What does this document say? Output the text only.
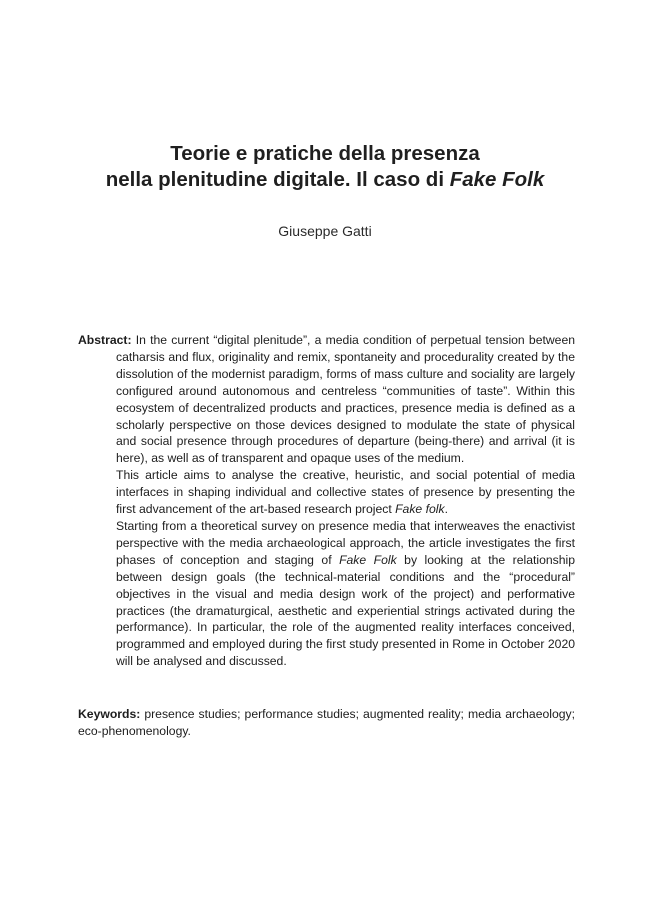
Teorie e pratiche della presenza
nella plenitudine digitale. Il caso di Fake Folk
Giuseppe Gatti

Abstract: In the current “digital plenitude”, a media condition of perpetual tension between catharsis and flux, originality and remix, spontaneity and procedurality created by the dissolution of the modernist paradigm, forms of mass culture and sociality are largely configured around autonomous and centreless “communities of taste”. Within this ecosystem of decentralized products and practices, presence media is defined as a scholarly perspective on those devices designed to modulate the state of physical and social presence through procedures of departure (being-there) and arrival (it is here), as well as of transparent and opaque uses of the medium.

This article aims to analyse the creative, heuristic, and social potential of media interfaces in shaping individual and collective states of presence by presenting the first advancement of the art-based research project Fake folk.

Starting from a theoretical survey on presence media that interweaves the enactivist perspective with the media archaeological approach, the article investigates the first phases of conception and staging of Fake Folk by looking at the relationship between design goals (the technical-material conditions and the “procedural” objectives in the visual and media design work of the project) and performative practices (the dramaturgical, aesthetic and experiential strings activated during the performance). In particular, the role of the augmented reality interfaces conceived, programmed and employed during the first study presented in Rome in October 2020 will be analysed and discussed.

Keywords: presence studies; performance studies; augmented reality; media archaeology; eco-phenomenology.
